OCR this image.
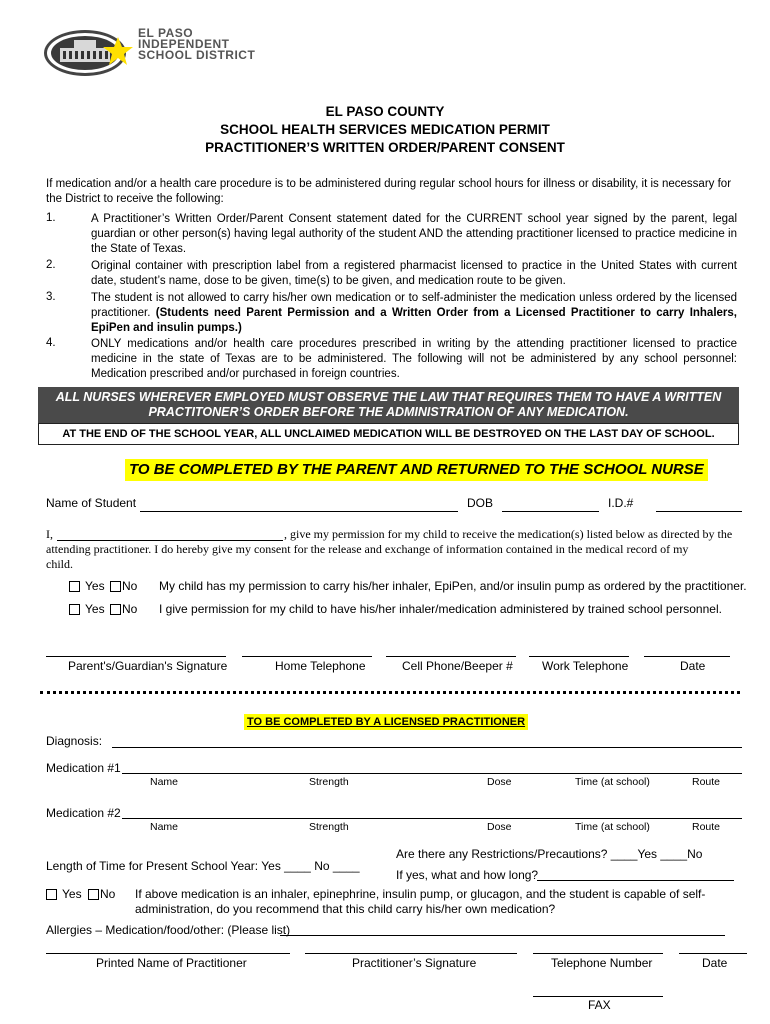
EL PASO
INDEPENDENT
SCHOOL DISTRICT
EL PASO COUNTY
SCHOOL HEALTH SERVICES MEDICATION PERMIT
PRACTITIONER’S WRITTEN ORDER/PARENT CONSENT
If medication and/or a health care procedure is to be administered during regular school hours for illness or disability, it is necessary for the District to receive the following:
1.	A Practitioner’s Written Order/Parent Consent statement dated for the CURRENT school year signed by the parent, legal guardian or other person(s) having legal authority of the student AND the attending practitioner licensed to practice medicine in the State of Texas.
2.	Original container with prescription label from a registered pharmacist licensed to practice in the United States with current date, student’s name, dose to be given, time(s) to be given, and medication route to be given.
3.	The student is not allowed to carry his/her own medication or to self-administer the medication unless ordered by the licensed practitioner. (Students need Parent Permission and a Written Order from a Licensed Practitioner to carry Inhalers, EpiPen and insulin pumps.)
4.	ONLY medications and/or health care procedures prescribed in writing by the attending practitioner licensed to practice medicine in the state of Texas are to be administered. The following will not be administered by any school personnel: Medication prescribed and/or purchased in foreign countries.
ALL NURSES WHEREVER EMPLOYED MUST OBSERVE THE LAW THAT REQUIRES THEM TO HAVE A WRITTEN
PRACTITONER’S ORDER BEFORE THE ADMINISTRATION OF ANY MEDICATION.
AT THE END OF THE SCHOOL YEAR, ALL UNCLAIMED MEDICATION WILL BE DESTROYED ON THE LAST DAY OF SCHOOL.
TO BE COMPLETED BY THE PARENT AND RETURNED TO THE SCHOOL NURSE
Name of Student	DOB	I.D.#
I,	, give my permission for my child to receive the medication(s) listed below as directed by the
attending practitioner. I do hereby give my consent for the release and exchange of information contained in the medical record of my
child.
Yes No My child has my permission to carry his/her inhaler, EpiPen, and/or insulin pump as ordered by the practitioner.
Yes No I give permission for my child to have his/her inhaler/medication administered by trained school personnel.
Parent's/Guardian's Signature	Home Telephone	Cell Phone/Beeper # Work Telephone	Date
TO BE COMPLETED BY A LICENSED PRACTITIONER
Diagnosis:
Medication #1
Name	Strength	Dose	Time (at school)	Route
Medication #2
Name	Strength	Dose	Time (at school)	Route
Are there any Restrictions/Precautions? ____Yes ____No
Length of Time for Present School Year: Yes ____ No ____
If yes, what and how long?
Yes No If above medication is an inhaler, epinephrine, insulin pump, or glucagon, and the student is capable of self-
administration, do you recommend that this child carry his/her own medication?
Allergies – Medication/food/other: (Please list)
Printed Name of Practitioner	Practitioner’s Signature	Telephone Number	Date
FAX
